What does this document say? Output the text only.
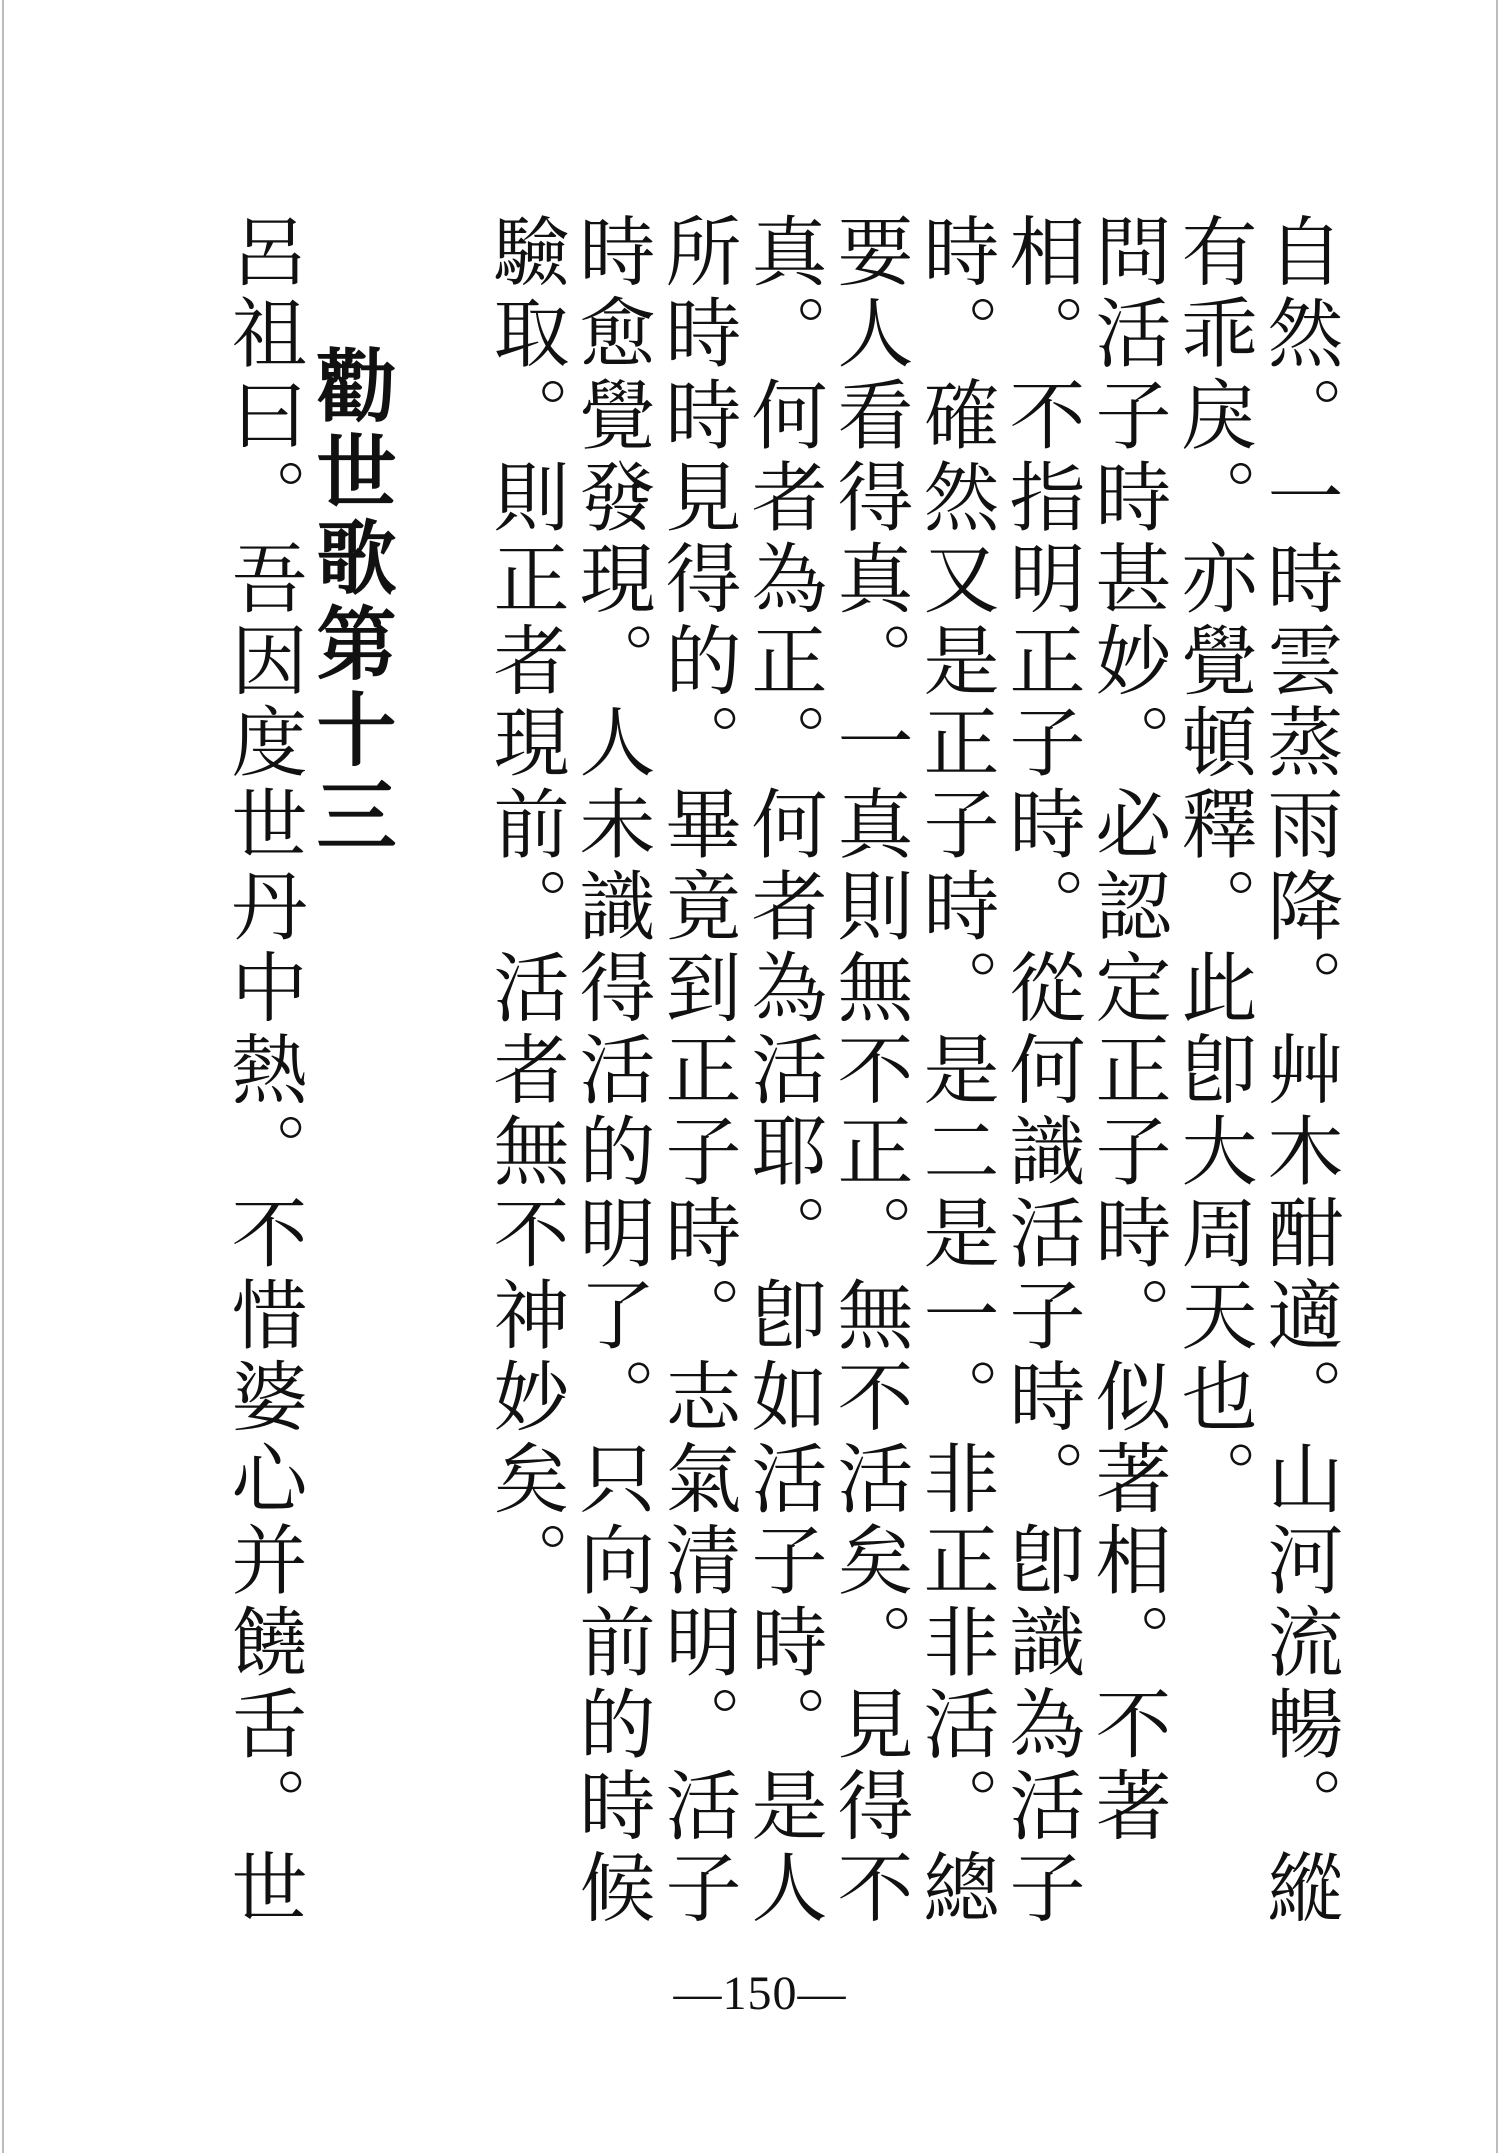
自然。一時雲蒸雨降。艸木酣適。山河流暢。縱
有乖戾。亦覺頓釋。此卽大周天也。
問活子時甚妙。必認定正子時。似著相。不著
相。不指明正子時。從何識活子時。卽識為活子
時。確然又是正子時。是二是一。非正非活。總
要人看得真。一真則無不正。無不活矣。見得不
真。何者為正。何者為活耶。卽如活子時。是人
所時時見得的。畢竟到正子時。志氣清明。活子
時愈覺發現。人未識得活的明了。只向前的時候
驗取。則正者現前。活者無不神妙矣。
勸世歌第十三
呂祖曰。吾因度世丹中熱。不惜婆心并饒舌。世
—150—
